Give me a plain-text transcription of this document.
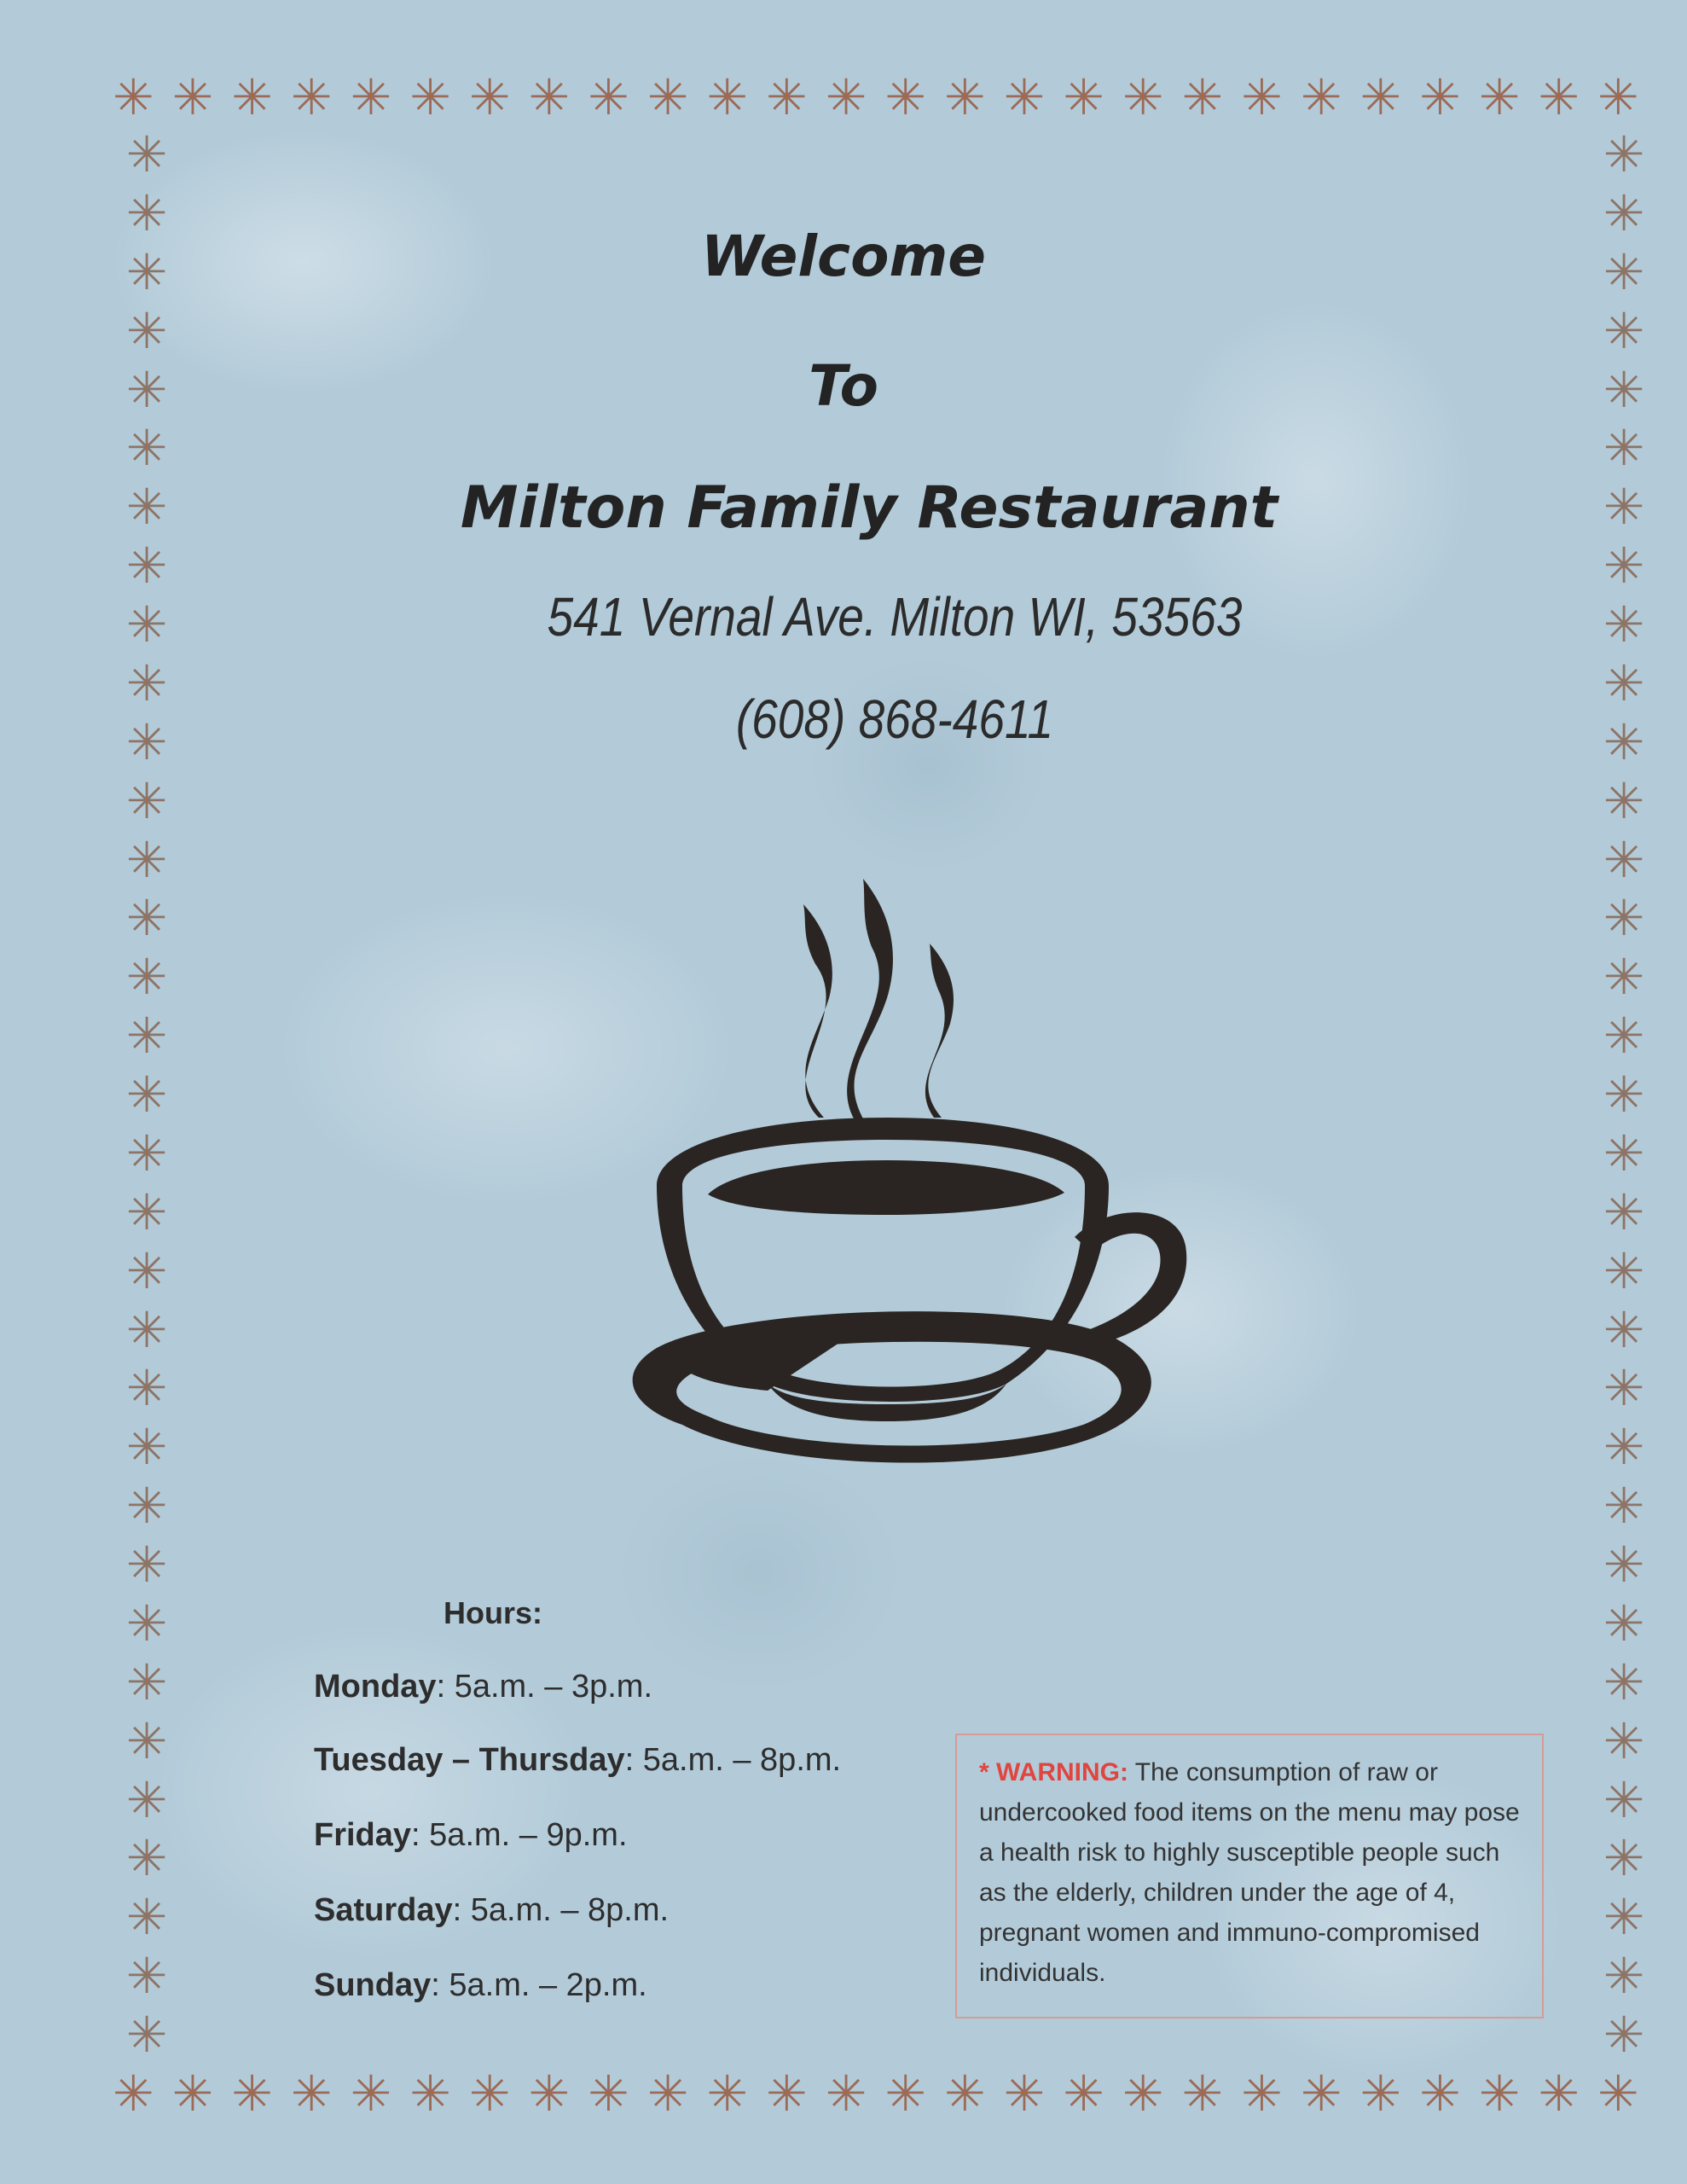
✳ ✳ ✳ ✳ ✳ ✳ ✳ ✳ ✳ ✳ ✳ ✳ ✳ ✳ ✳ ✳ ✳ ✳ ✳ ✳ ✳ ✳ ✳ ✳ ✳ ✳
✳ ✳ ✳ ✳ ✳ ✳ ✳ ✳ ✳ ✳ ✳ ✳ ✳ ✳ ✳ ✳ ✳ ✳ ✳ ✳ ✳ ✳ ✳ ✳ ✳ ✳
✳
✳
✳
✳
✳
✳
✳
✳
✳
✳
✳
✳
✳
✳
✳
✳
✳
✳
✳
✳
✳
✳
✳
✳
✳
✳
✳
✳
✳
✳
✳
✳
✳
✳
✳
✳
✳
✳
✳
✳
✳
✳
✳
✳
✳
✳
✳
✳
✳
✳
✳
✳
✳
✳
✳
✳
✳
✳
✳
✳
✳
✳
✳
✳
✳
✳
Welcome
To
Milton Family Restaurant

541 Vernal Ave. Milton WI, 53563

(608) 868-4611

Hours:
Monday: 5a.m. – 3p.m.
Tuesday – Thursday: 5a.m. – 8p.m.
Friday: 5a.m. – 9p.m.
Saturday: 5a.m. – 8p.m.
Sunday: 5a.m. – 2p.m.
* WARNING: The consumption of raw or undercooked food items on the menu may pose a health risk to highly susceptible people such as the elderly, children under the age of 4, pregnant women and immuno-compromised individuals.
